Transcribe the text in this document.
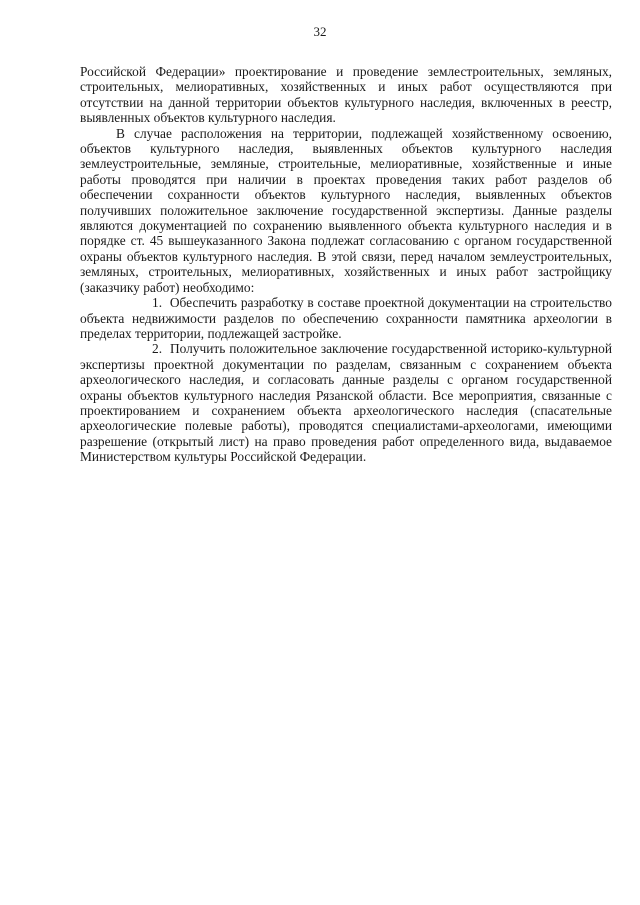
32

Российской Федерации» проектирование и проведение землестроительных, земляных, строительных, мелиоративных, хозяйственных и иных работ осуществляются при отсутствии на данной территории объектов культурного наследия, включенных в реестр, выявленных объектов культурного наследия.

В случае расположения на территории, подлежащей хозяйственному освоению, объектов культурного наследия, выявленных объектов культурного наследия землеустроительные, земляные, строительные, мелиоративные, хозяйственные и иные работы проводятся при наличии в проектах проведения таких работ разделов об обеспечении сохранности объектов культурного наследия, выявленных объектов получивших положительное заключение государственной экспертизы. Данные разделы являются документацией по сохранению выявленного объекта культурного наследия и в порядке ст. 45 вышеуказанного Закона подлежат согласованию с органом государственной охраны объектов культурного наследия. В этой связи, перед началом землеустроительных, земляных, строительных, мелиоративных, хозяйственных и иных работ застройщику (заказчику работ) необходимо:

1. Обеспечить разработку в составе проектной документации на строительство объекта недвижимости разделов по обеспечению сохранности памятника археологии в пределах территории, подлежащей застройке.

2. Получить положительное заключение государственной историко-культурной экспертизы проектной документации по разделам, связанным с сохранением объекта археологического наследия, и согласовать данные разделы с органом государственной охраны объектов культурного наследия Рязанской области. Все мероприятия, связанные с проектированием и сохранением объекта археологического наследия (спасательные археологические полевые работы), проводятся специалистами-археологами, имеющими разрешение (открытый лист) на право проведения работ определенного вида, выдаваемое Министерством культуры Российской Федерации.
